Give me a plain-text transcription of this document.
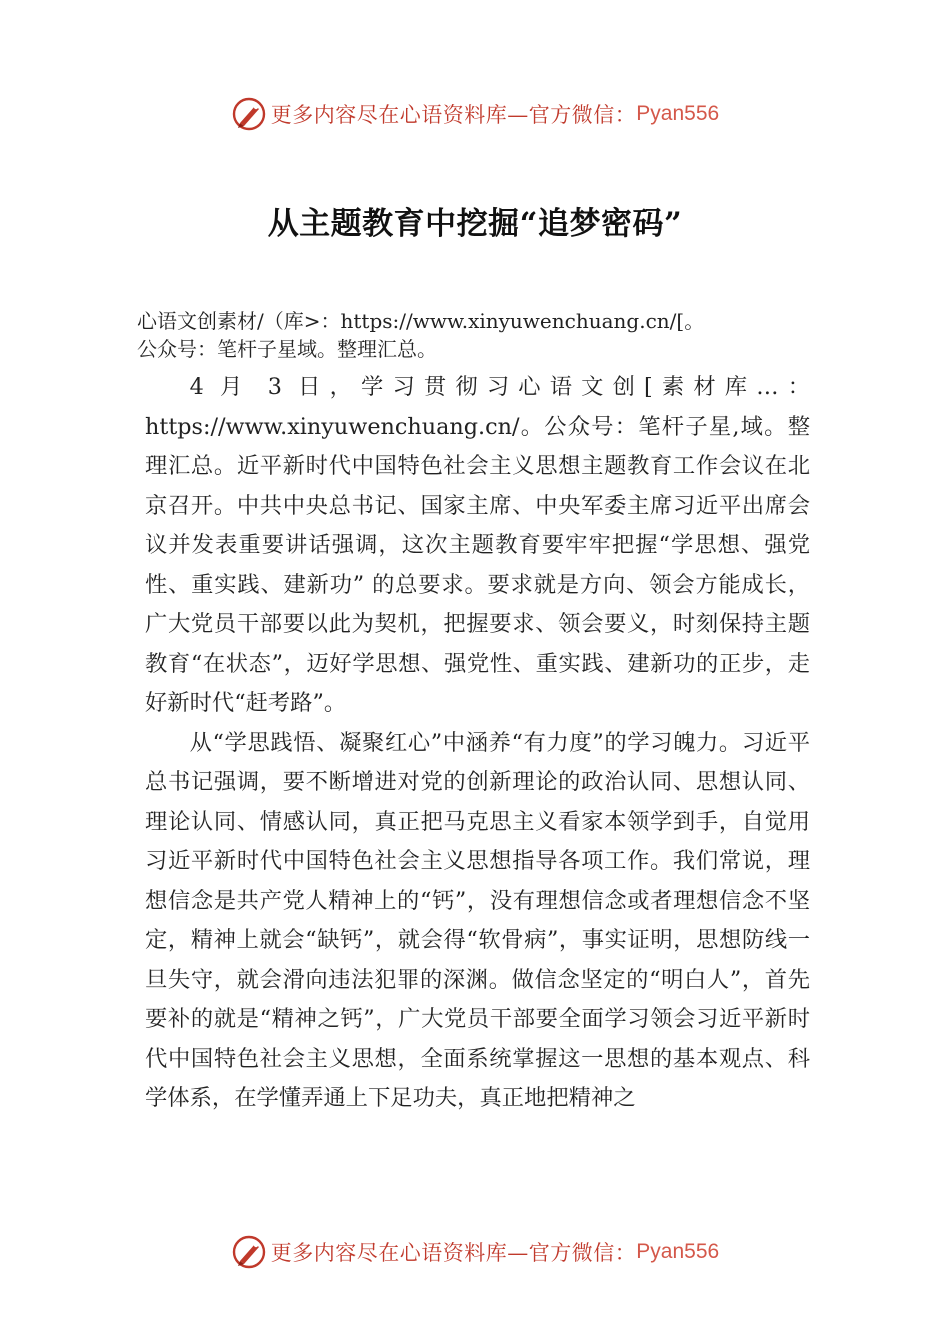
更多内容尽在心语资料库—官方微信： Pyan556
从主题教育中挖掘“追梦密码”
心语文创素材/（库>：https://www.xinyuwenchuang.cn/[。
公众号：笔杆子星域。整理汇总。

4 月 3 日，学习贯彻习心语文创[素材库…：https://www.xinyuwenchuang.cn/。公众号：笔杆子星,域。整理汇总。近平新时代中国特色社会主义思想主题教育工作会议在北京召开。中共中央总书记、国家主席、中央军委主席习近平出席会议并发表重要讲话强调，这次主题教育要牢牢把握“学思想、强党性、重实践、建新功” 的总要求。要求就是方向、领会方能成长，广大党员干部要以此为契机，把握要求、领会要义，时刻保持主题教育“在状态”，迈好学思想、强党性、重实践、建新功的正步，走好新时代“赶考路”。

从“学思践悟、凝聚红心”中涵养“有力度”的学习魄力。习近平总书记强调，要不断增进对党的创新理论的政治认同、思想认同、理论认同、情感认同，真正把马克思主义看家本领学到手，自觉用习近平新时代中国特色社会主义思想指导各项工作。我们常说，理想信念是共产党人精神上的“钙”，没有理想信念或者理想信念不坚定，精神上就会“缺钙”，就会得“软骨病”，事实证明，思想防线一旦失守，就会滑向违法犯罪的深渊。做信念坚定的“明白人”，首先要补的就是“精神之钙”，广大党员干部要全面学习领会习近平新时代中国特色社会主义思想，全面系统掌握这一思想的基本观点、科学体系，在学懂弄通上下足功夫，真正地把精神之

更多内容尽在心语资料库—官方微信： Pyan556
